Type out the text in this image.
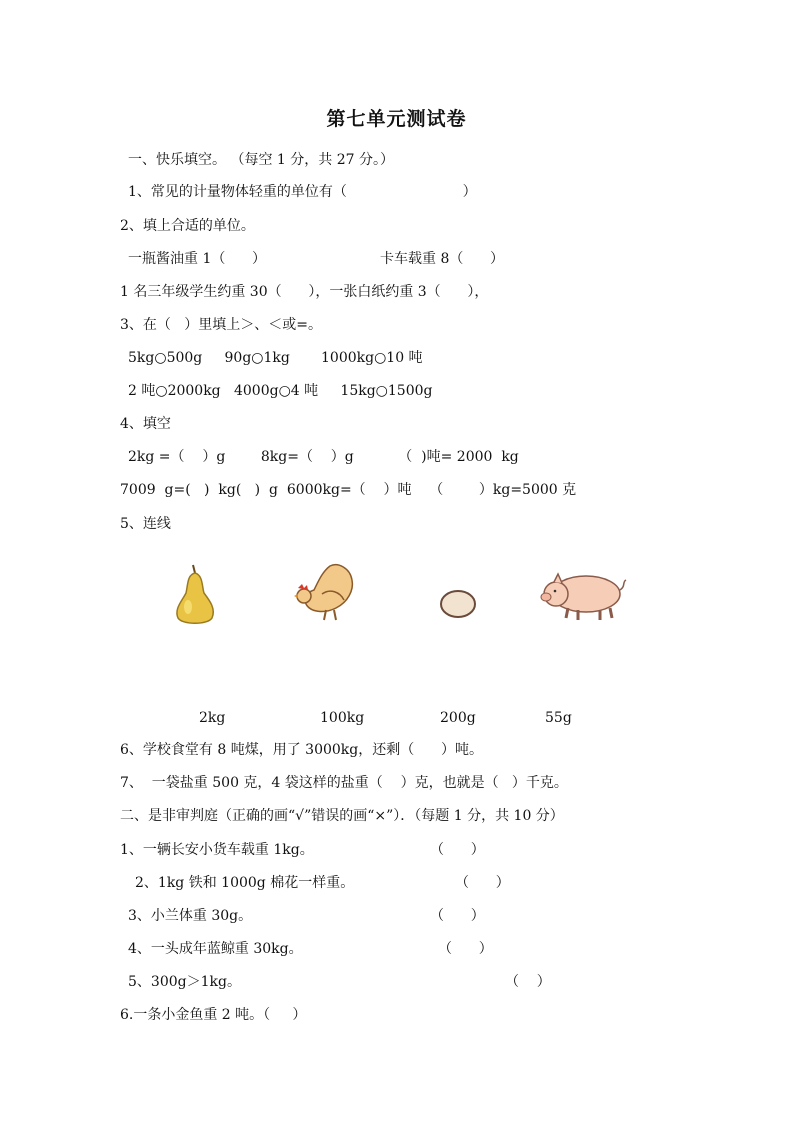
第七单元测试卷
一、快乐填空。 （每空 1 分，共 27 分。）
1、常见的计量物体轻重的单位有（                          ）
2、填上合适的单位。
一瓶酱油重 1（      ）	卡车载重 8（      ）
1 名三年级学生约重 30（      ），一张白纸约重 3（      ），
3、在（   ）里填上＞、＜或=。
5kg○500g     90g○1kg       1000kg○10 吨
2 吨○2000kg   4000g○4 吨     15kg○1500g
4、填空
2kg =（    ）g        8kg=（    ）g          （  )吨= 2000  kg
7009  g=(   )  kg(   )  g  6000kg=（    ）吨    （        ）kg=5000 克
5、连线
2kg	100kg	200g	55g
6、学校食堂有 8 吨煤，用了 3000kg，还剩（      ）吨。
7、  一袋盐重 500 克，4 袋这样的盐重（    ）克，也就是（   ）千克。
二、是非审判庭（正确的画“√”错误的画“×”）．（每题 1 分，共 10 分）
1、一辆长安小货车载重 1kg。	（      ）
2、1kg 铁和 1000g 棉花一样重。	（      ）
3、小兰体重 30g。	（      ）
4、一头成年蓝鲸重 30kg。	（      ）
5、300g＞1kg。	（    ）
6.一条小金鱼重 2 吨。（     ）
